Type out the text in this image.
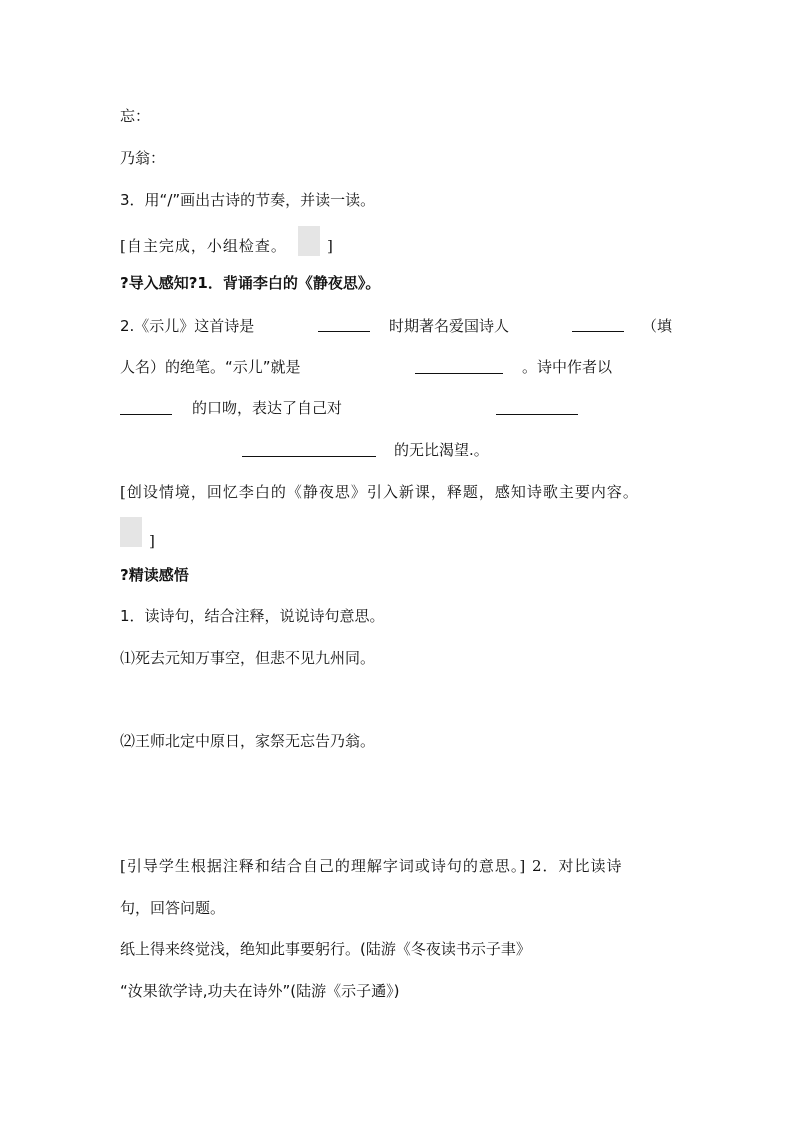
忘：
乃翁：
3．用“/”画出古诗的节奏，并读一读。
[自主完成，小组检查。	]
?导入感知?1．背诵李白的《静夜思》。
2.《示儿》这首诗是	时期著名爱国诗人	（填
人名）的绝笔。“示儿”就是	。诗中作者以
的口吻，表达了自己对
的无比渴望.。
[创设情境，回忆李白的《静夜思》引入新课，释题，感知诗歌主要内容。
]
?精读感悟
1．读诗句，结合注释，说说诗句意思。
⑴死去元知万事空，但悲不见九州同。
⑵王师北定中原日，家祭无忘告乃翁。
[引导学生根据注释和结合自己的理解字词或诗句的意思。] 2．对比读诗
句，回答问题。
纸上得来终觉浅，绝知此事要躬行。(陆游《冬夜读书示子聿》
“汝果欲学诗,功夫在诗外”(陆游《示子遹》)
